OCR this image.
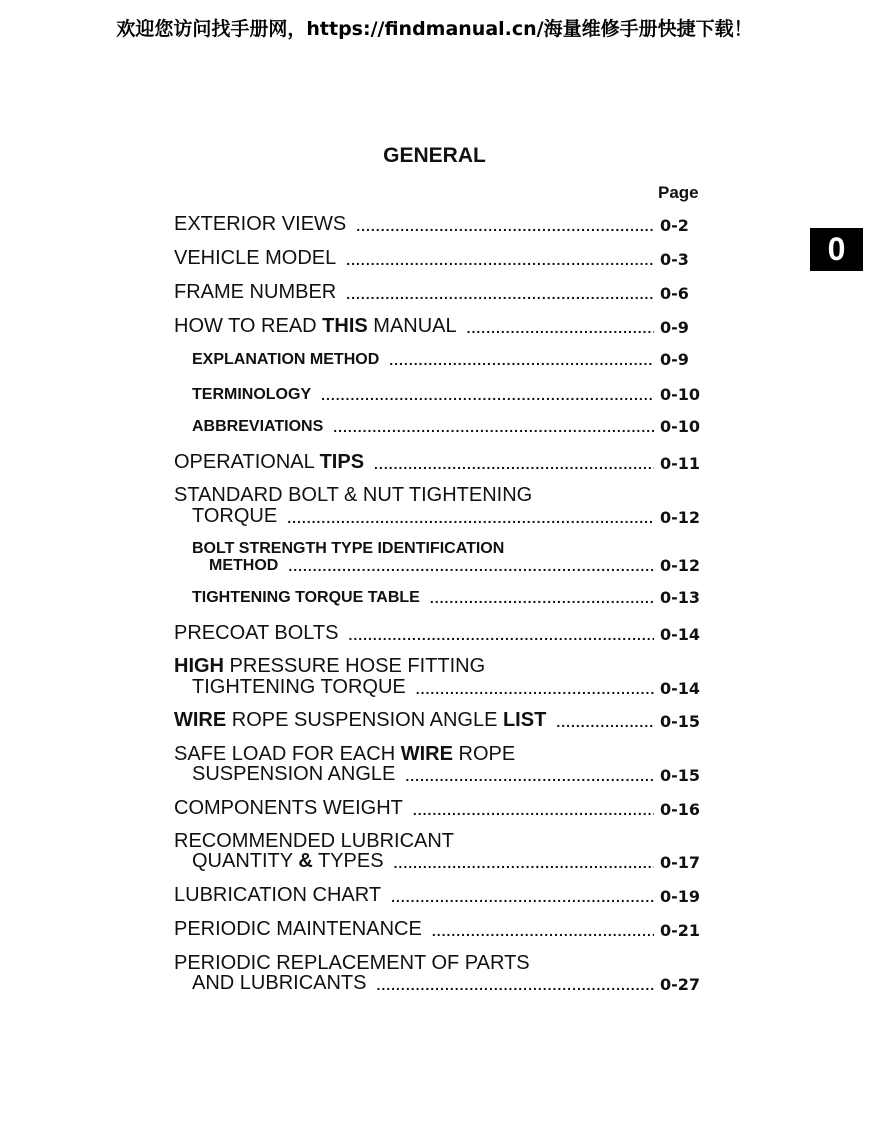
欢迎您访问找手册网，https://findmanual.cn/海量维修手册快捷下载！
GENERAL
Page
0
EXTERIOR VIEWS .....	0-2
VEHICLE MODEL .....	0-3
FRAME NUMBER .....	0-6
HOW TO READ THIS MANUAL .....	0-9
EXPLANATION METHOD .....	0-9
TERMINOLOGY .....	0-10
ABBREVIATIONS .....	0-10
OPERATIONAL TIPS .....	0-11
STANDARD BOLT & NUT TIGHTENING
TORQUE .....	0-12
BOLT STRENGTH TYPE IDENTIFICATION
METHOD .....	0-12
TIGHTENING TORQUE TABLE .....	0-13
PRECOAT BOLTS .....	0-14
HIGH PRESSURE HOSE FITTING
TIGHTENING TORQUE .....	0-14
WIRE ROPE SUSPENSION ANGLE LIST .....	0-15
SAFE LOAD FOR EACH WIRE ROPE
SUSPENSION ANGLE .....	0-15
COMPONENTS WEIGHT .....	0-16
RECOMMENDED LUBRICANT
QUANTITY & TYPES .....	0-17
LUBRICATION CHART .....	0-19
PERIODIC MAINTENANCE .....	0-21
PERIODIC REPLACEMENT OF PARTS
AND LUBRICANTS .....	0-27
